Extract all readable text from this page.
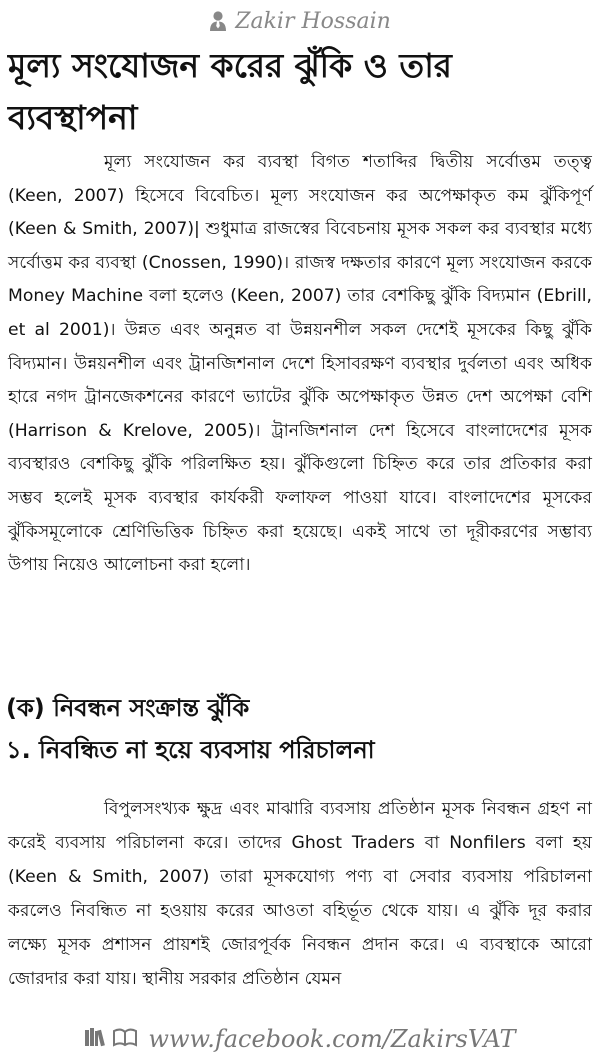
Zakir Hossain
মূল্য সংযোজন করের ঝুঁকি ও তার ব্যবস্থাপনা

মূল্য সংযোজন কর ব্যবস্থা বিগত শতাব্দির দ্বিতীয় সর্বোত্তম তত্ত্ব (Keen, 2007) হিসেবে বিবেচিত। মূল্য সংযোজন কর অপেক্ষাকৃত কম ঝুঁকিপূর্ণ (Keen & Smith, 2007)| শুধুমাত্র রাজস্বের বিবেচনায় মূসক সকল কর ব্যবস্থার মধ্যে সর্বোত্তম কর ব্যবস্থা (Cnossen, 1990)। রাজস্ব দক্ষতার কারণে মূল্য সংযোজন করকে Money Machine বলা হলেও (Keen, 2007) তার বেশকিছু ঝুঁকি বিদ্যমান (Ebrill, et al 2001)। উন্নত এবং অনুন্নত বা উন্নয়নশীল সকল দেশেই মূসকের কিছু ঝুঁকি বিদ্যমান। উন্নয়নশীল এবং ট্রানজিশনাল দেশে হিসাবরক্ষণ ব্যবস্থার দুর্বলতা এবং অধিক হারে নগদ ট্রানজেকশনের কারণে ভ্যাটের ঝুঁকি অপেক্ষাকৃত উন্নত দেশ অপেক্ষা বেশি (Harrison & Krelove, 2005)। ট্রানজিশনাল দেশ হিসেবে বাংলাদেশের মূসক ব্যবস্থারও বেশকিছু ঝুঁকি পরিলক্ষিত হয়। ঝুঁকিগুলো চিহ্নিত করে তার প্রতিকার করা সম্ভব হলেই মূসক ব্যবস্থার কার্যকরী ফলাফল পাওয়া যাবে। বাংলাদেশের মূসকের ঝুঁকিসমূলোকে শ্রেণিভিত্তিক চিহ্নিত করা হয়েছে। একই সাথে তা দূরীকরণের সম্ভাব্য উপায় নিয়েও আলোচনা করা হলো।

(ক) নিবন্ধন সংক্রান্ত ঝুঁকি
১. নিবন্ধিত না হয়ে ব্যবসায় পরিচালনা

বিপুলসংখ্যক ক্ষুদ্র এবং মাঝারি ব্যবসায় প্রতিষ্ঠান মূসক নিবন্ধন গ্রহণ না করেই ব্যবসায় পরিচালনা করে। তাদের Ghost Traders বা Nonfilers বলা হয় (Keen & Smith, 2007) তারা মূসকযোগ্য পণ্য বা সেবার ব্যবসায় পরিচালনা করলেও নিবন্ধিত না হওয়ায় করের আওতা বহির্ভূত থেকে যায়। এ ঝুঁকি দূর করার লক্ষ্যে মূসক প্রশাসন প্রায়শই জোরপূর্বক নিবন্ধন প্রদান করে। এ ব্যবস্থাকে আরো জোরদার করা যায়। স্থানীয় সরকার প্রতিষ্ঠান যেমন

www.facebook.com/ZakirsVAT
